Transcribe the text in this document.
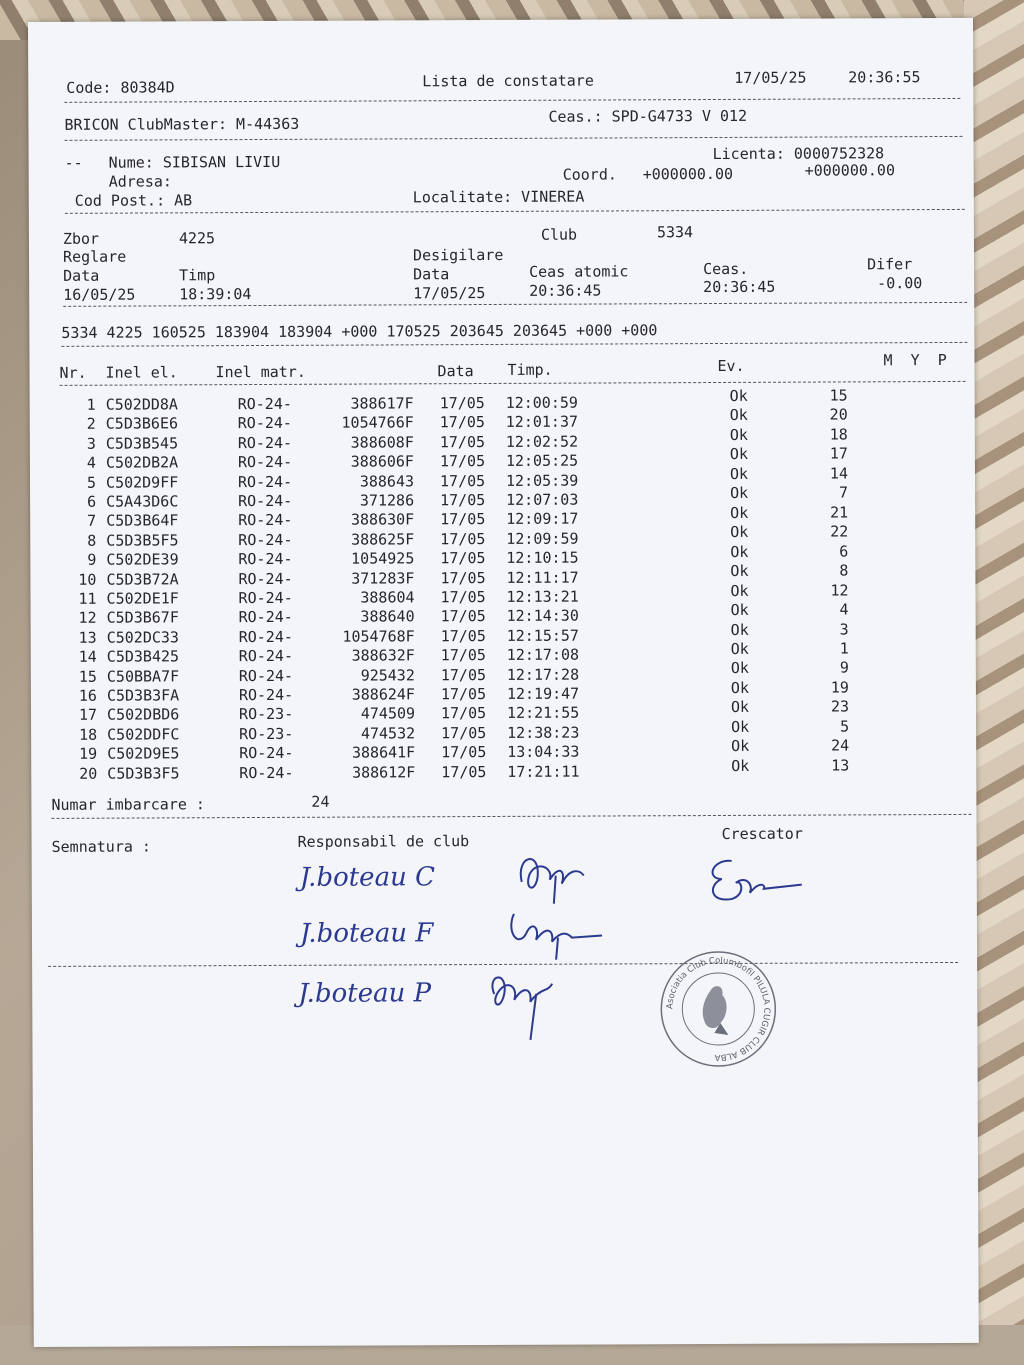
Code: 80384D	Lista de constatare	17/05/25	20:36:55
BRICON ClubMaster: M-44363	Ceas.: SPD-G4733 V 012
-- Nume: SIBISAN LIVIU	Licenta: 0000752328
Adresa:	Coord. +000000.00	+000000.00
Cod Post.: AB	Localitate: VINEREA
Zbor	4225	Club	5334
Reglare	Desigilare
Data	Timp	Data	Ceas atomic	Ceas.	Difer
16/05/25	18:39:04	17/05/25	20:36:45	20:36:45	-0.00
5334 4225 160525 183904 183904 +000 170525 203645 203645 +000 +000
Nr. Inel el.	Inel matr.	Data Timp.	Ev.	M  Y  P
1 C502DD8A	RO-24-	388617F 17/05 12:00:59	Ok	15
2 C5D3B6E6	RO-24-	1054766F 17/05 12:01:37	Ok	20
3 C5D3B545	RO-24-	388608F 17/05 12:02:52	Ok	18
4 C502DB2A	RO-24-	388606F 17/05 12:05:25	Ok	17
5 C502D9FF	RO-24-	388643 17/05 12:05:39	Ok	14
6 C5A43D6C	RO-24-	371286 17/05 12:07:03	Ok	7
7 C5D3B64F	RO-24-	388630F 17/05 12:09:17	Ok	21
8 C5D3B5F5	RO-24-	388625F 17/05 12:09:59	Ok	22
9 C502DE39	RO-24-	1054925 17/05 12:10:15	Ok	6
10 C5D3B72A	RO-24-	371283F 17/05 12:11:17	Ok	8
11 C502DE1F	RO-24-	388604 17/05 12:13:21	Ok	12
12 C5D3B67F	RO-24-	388640 17/05 12:14:30	Ok	4
13 C502DC33	RO-24-	1054768F 17/05 12:15:57	Ok	3
14 C5D3B425	RO-24-	388632F 17/05 12:17:08	Ok	1
15 C50BBA7F	RO-24-	925432 17/05 12:17:28	Ok	9
16 C5D3B3FA	RO-24-	388624F 17/05 12:19:47	Ok	19
17 C502DBD6	RO-23-	474509 17/05 12:21:55	Ok	23
18 C502DDFC	RO-23-	474532 17/05 12:38:23	Ok	5
19 C502D9E5	RO-24-	388641F 17/05 13:04:33	Ok	24
20 C5D3B3F5	RO-24-	388612F 17/05 17:21:11	Ok	13
Numar imbarcare :	24
Semnatura :	Responsabil de club	Crescator
J.boteau C
J.boteau F
J.boteau P	Asociatia Club Columbofil PILULA CUGIR CLUB ALBA
